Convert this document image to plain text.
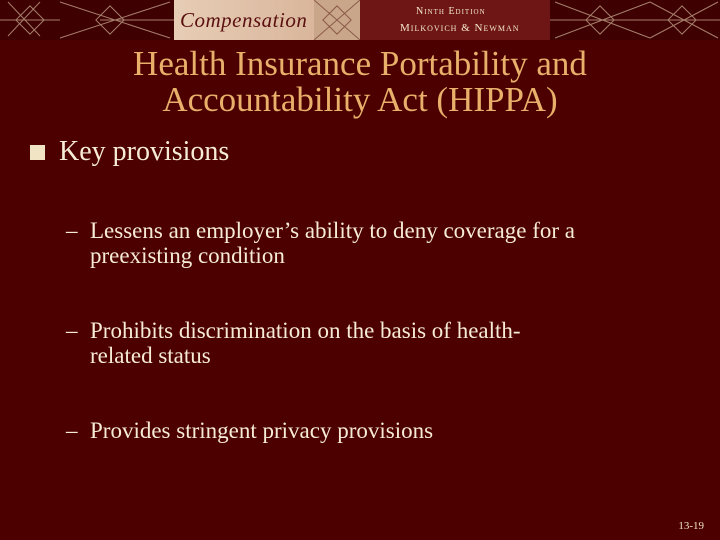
Compensation	Ninth Edition
Milkovich & Newman
Health Insurance Portability and
Accountability Act (HIPPA)
Key provisions
– Lessens an employer’s ability to deny coverage for a
preexisting condition
– Prohibits discrimination on the basis of health-
related status
– Provides stringent privacy provisions
13-19
